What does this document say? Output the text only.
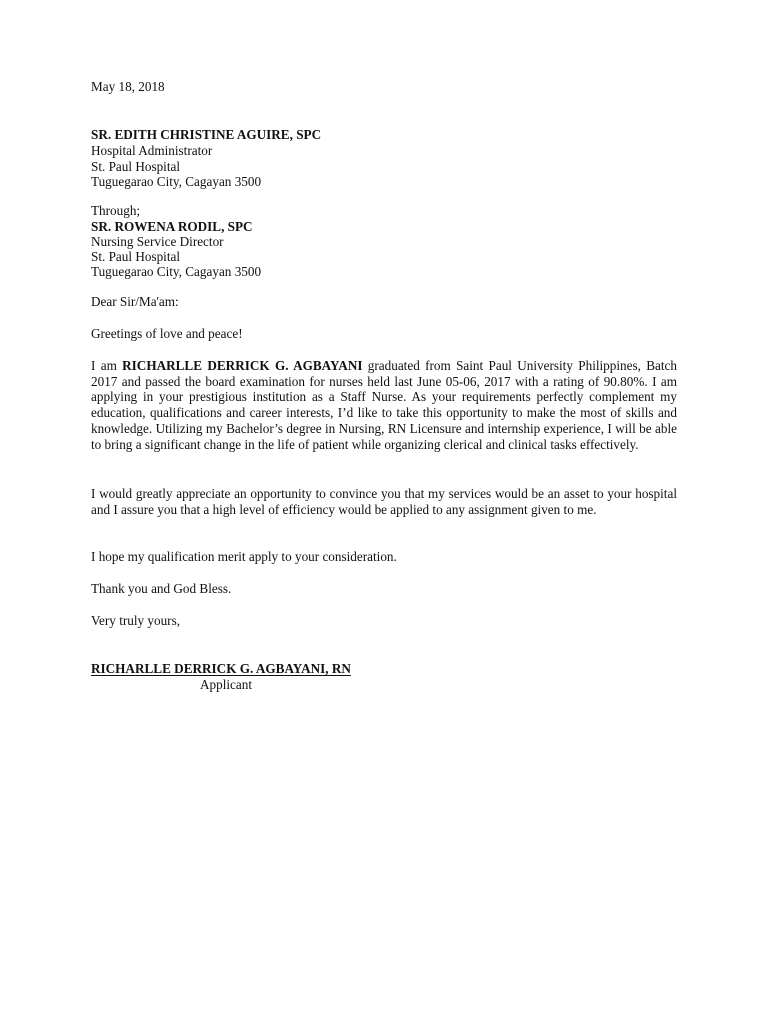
May 18, 2018
SR. EDITH CHRISTINE AGUIRE, SPC
Hospital Administrator
St. Paul Hospital
Tuguegarao City, Cagayan 3500
Through;
SR. ROWENA RODIL, SPC
Nursing Service Director
St. Paul Hospital
Tuguegarao City, Cagayan 3500
Dear Sir/Ma'am:
Greetings of love and peace!
I am RICHARLLE DERRICK G. AGBAYANI graduated from Saint Paul University Philippines, Batch 2017 and passed the board examination for nurses held last June 05-06, 2017 with a rating of 90.80%. I am applying in your prestigious institution as a Staff Nurse. As your requirements perfectly complement my education, qualifications and career interests, I’d like to take this opportunity to make the most of skills and knowledge. Utilizing my Bachelor’s degree in Nursing, RN Licensure and internship experience, I will be able to bring a significant change in the life of patient while organizing clerical and clinical tasks effectively.
I would greatly appreciate an opportunity to convince you that my services would be an asset to your hospital and I assure you that a high level of efficiency would be applied to any assignment given to me.
I hope my qualification merit apply to your consideration.
Thank you and God Bless.
Very truly yours,
RICHARLLE DERRICK G. AGBAYANI, RN
Applicant
